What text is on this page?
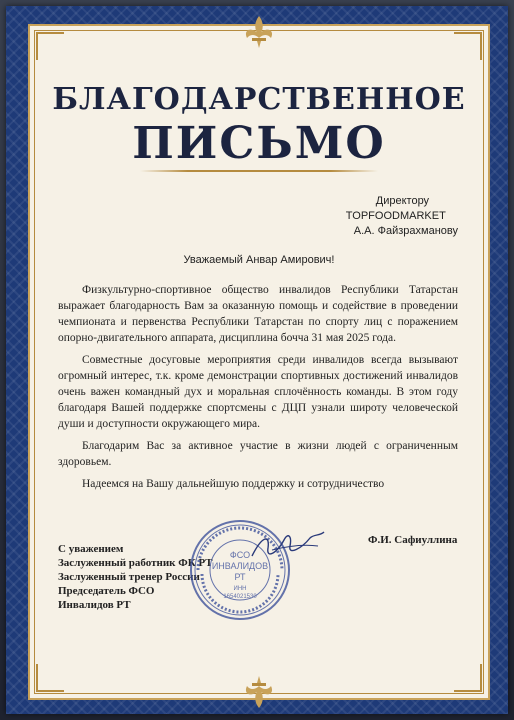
БЛАГОДАРСТВЕННОЕ
ПИСЬМО
Директору
TOPFOODMARKET
А.А. Файзрахманову
Уважаемый Анвар Амирович!

Физкультурно-спортивное общество инвалидов Республики Татарстан выражает благодарность Вам за оказанную помощь и содействие в проведении чемпионата и первенства Республики Татарстан по спорту лиц с поражением опорно-двигательного аппарата, дисциплина бочча 31 мая 2025 года.

Совместные досуговые мероприятия среди инвалидов всегда вызывают огромный интерес, т.к. кроме демонстрации спортивных достижений инвалидов очень важен командный дух и моральная сплочённость команды. В этом году благодаря Вашей поддержке спортсмены с ДЦП узнали широту человеческой души и доступности окружающего мира.

Благодарим Вас за активное участие в жизни людей с ограниченным здоровьем.

Надеемся на Вашу дальнейшую поддержку и сотрудничество

С уважением
Заслуженный работник ФК РТ
Заслуженный тренер России
Председатель ФСО
Инвалидов РТ
Ф.И. Сафиуллина
ФСО
ИНВАЛИДОВ
РТ
ИНН
1654021530
